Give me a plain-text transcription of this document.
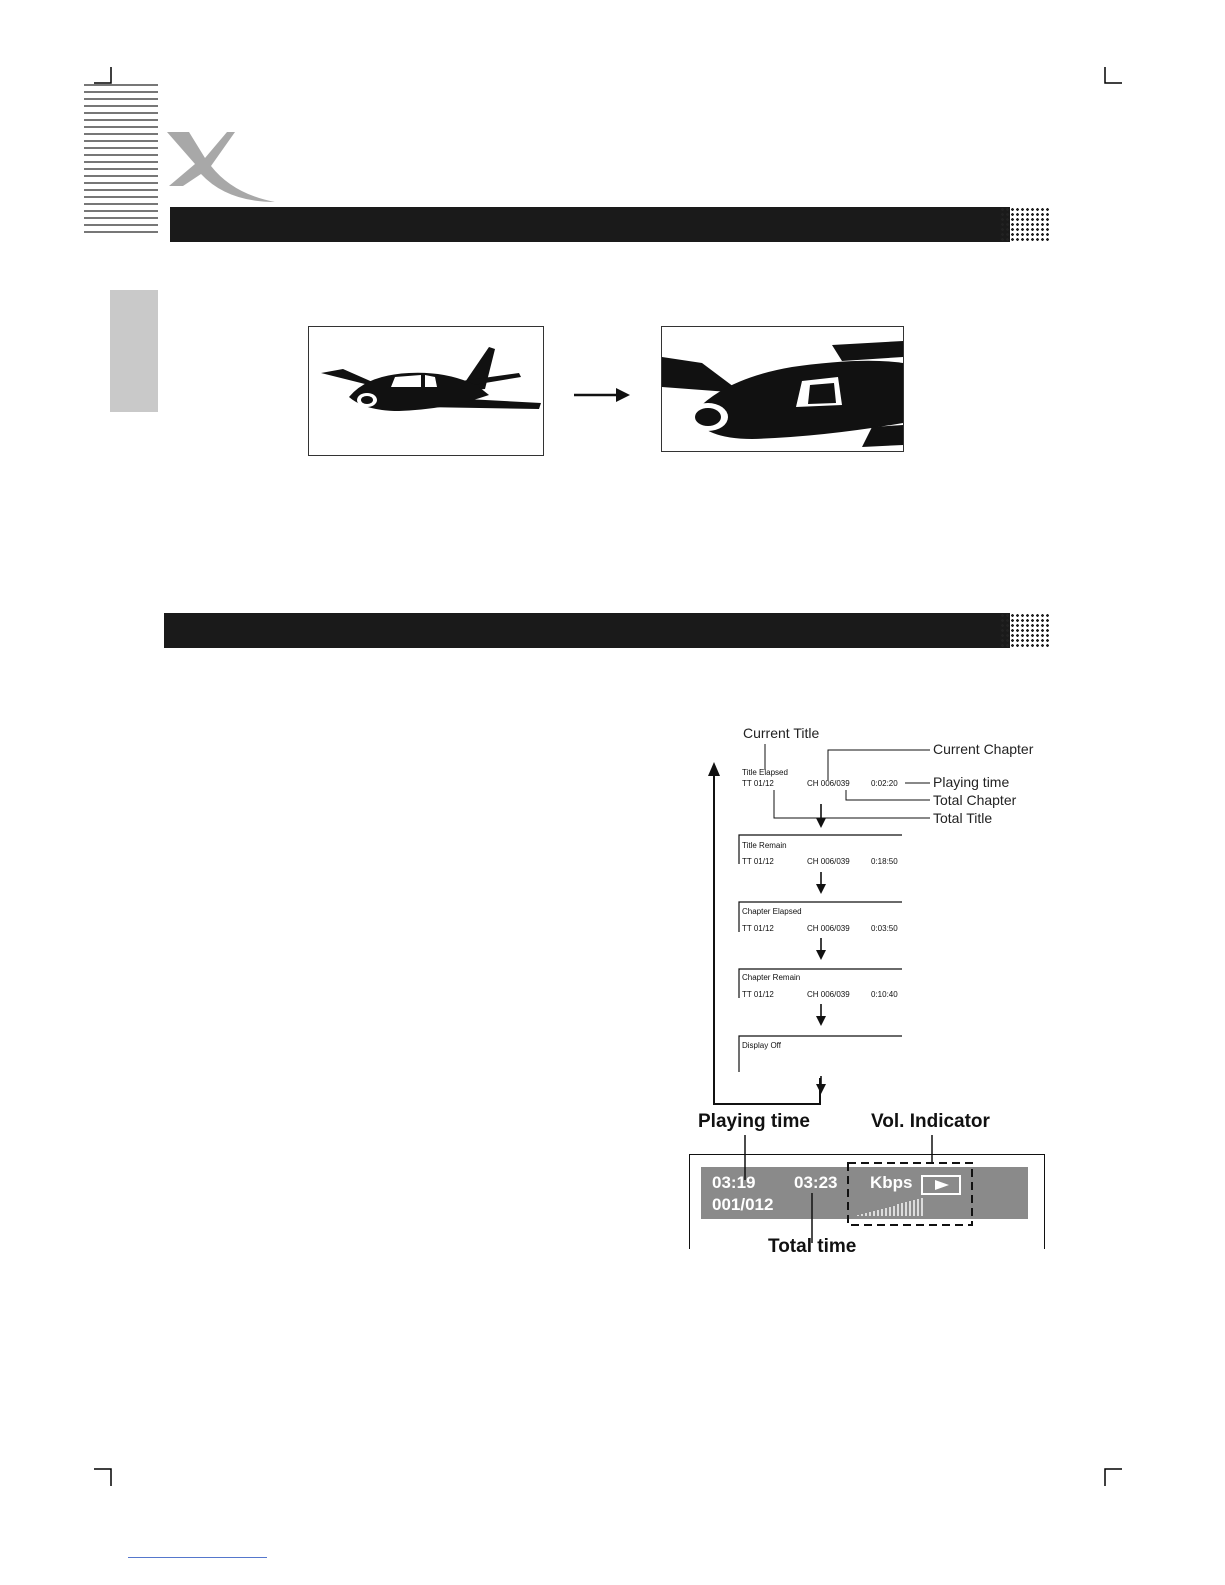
Current Title
Current Chapter
Playing time
Total Chapter
Total Title
Title Elapsed
TT 01/12	CH 006/039	0:02:20
Title Remain
TT 01/12	CH 006/039	0:18:50
Chapter Elapsed
TT 01/12	CH 006/039	0:03:50
Chapter Remain
TT 01/12	CH 006/039	0:10:40
Display Off
Playing time	Vol. Indicator
03:19 03:23 Kbps
001/012
Total time
